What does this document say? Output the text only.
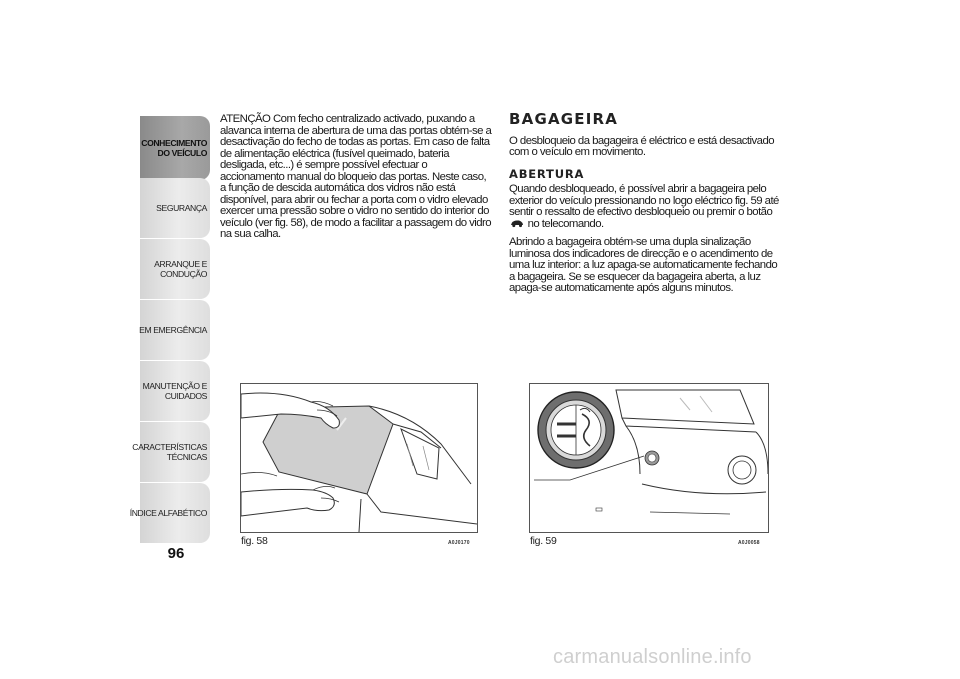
CONHECIMENTO
DO VEÍCULO
SEGURANÇA
ARRANQUE E
CONDUÇÃO
EM EMERGÊNCIA
MANUTENÇÃO E
CUIDADOS
CARACTERÍSTICAS
TÉCNICAS
ÍNDICE ALFABÉTICO
96

ATENÇÃO Com fecho centralizado activado, puxando a alavanca interna de abertura de uma das portas obtém-se a desactivação do fecho de todas as portas. Em caso de falta de alimentação eléctrica (fusível queimado, bateria desligada, etc...) é sempre possível efectuar o accionamento manual do bloqueio das portas. Neste caso, a função de descida automática dos vidros não está disponível, para abrir ou fechar a porta com o vidro elevado exercer uma pressão sobre o vidro no sentido do interior do veículo (ver fig. 58), de modo a facilitar a passagem do vidro na sua calha.

BAGAGEIRA

O desbloqueio da bagageira é eléctrico e está desactivado com o veículo em movimento.

ABERTURA

Quando desbloqueado, é possível abrir a bagageira pelo exterior do veículo pressionando no logo eléctrico fig. 59 até sentir o ressalto de efectivo desbloqueio ou premir o botão  no telecomando.

Abrindo a bagageira obtém-se uma dupla sinalização luminosa dos indicadores de direcção e o acendimento de uma luz interior: a luz apaga-se automaticamente fechando a bagageira. Se se esquecer da bagageira aberta, a luz apaga-se automaticamente após alguns minutos.

fig. 58	A0J0170	fig. 59	A0J0058
carmanualsonline.info
